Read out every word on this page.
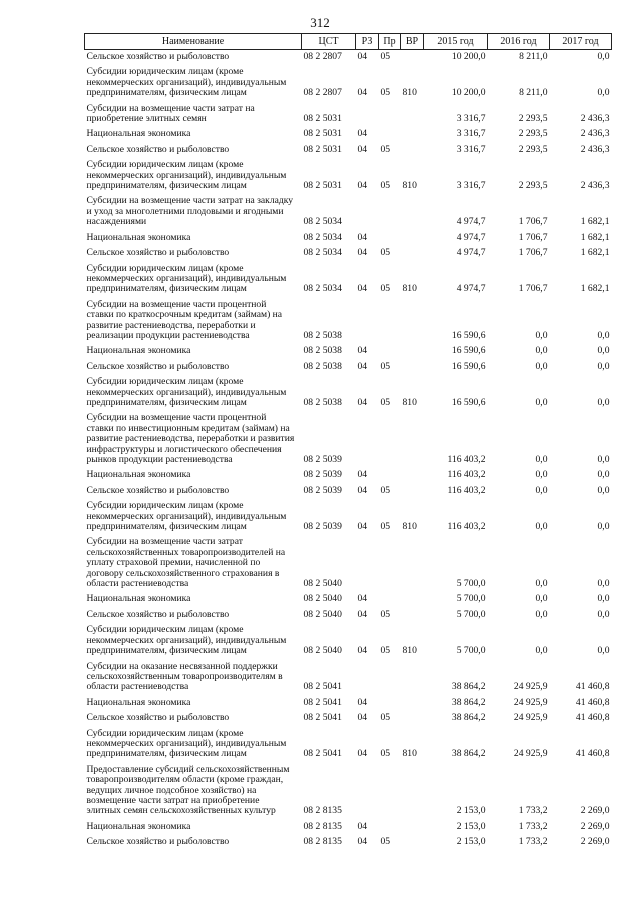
312
Наименование	ЦСТ	РЗ	Пр	ВР	2015 год	2016 год	2017 год
Сельское хозяйство и рыболовство	08 2 2807	04	05		10 200,0	8 211,0	0,0
Субсидии юридическим лицам (кроме некоммерческих организаций), индивидуальным предпринимателям, физическим лицам	08 2 2807	04	05	810	10 200,0	8 211,0	0,0
Субсидии на возмещение части затрат на приобретение элитных семян	08 2 5031				3 316,7	2 293,5	2 436,3
Национальная экономика	08 2 5031	04			3 316,7	2 293,5	2 436,3
Сельское хозяйство и рыболовство	08 2 5031	04	05		3 316,7	2 293,5	2 436,3
Субсидии юридическим лицам (кроме некоммерческих организаций), индивидуальным предпринимателям, физическим лицам	08 2 5031	04	05	810	3 316,7	2 293,5	2 436,3
Субсидии на возмещение части затрат на закладку и уход за многолетними плодовыми и ягодными насаждениями	08 2 5034				4 974,7	1 706,7	1 682,1
Национальная экономика	08 2 5034	04			4 974,7	1 706,7	1 682,1
Сельское хозяйство и рыболовство	08 2 5034	04	05		4 974,7	1 706,7	1 682,1
Субсидии юридическим лицам (кроме некоммерческих организаций), индивидуальным предпринимателям, физическим лицам	08 2 5034	04	05	810	4 974,7	1 706,7	1 682,1
Субсидии на возмещение части процентной ставки по краткосрочным кредитам (займам) на развитие растениеводства, переработки и реализации продукции растениеводства	08 2 5038				16 590,6	0,0	0,0
Национальная экономика	08 2 5038	04			16 590,6	0,0	0,0
Сельское хозяйство и рыболовство	08 2 5038	04	05		16 590,6	0,0	0,0
Субсидии юридическим лицам (кроме некоммерческих организаций), индивидуальным предпринимателям, физическим лицам	08 2 5038	04	05	810	16 590,6	0,0	0,0
Субсидии на возмещение части процентной ставки по инвестиционным кредитам (займам) на развитие растениеводства, переработки и развития инфраструктуры и логистического обеспечения рынков продукции растениеводства	08 2 5039				116 403,2	0,0	0,0
Национальная экономика	08 2 5039	04			116 403,2	0,0	0,0
Сельское хозяйство и рыболовство	08 2 5039	04	05		116 403,2	0,0	0,0
Субсидии юридическим лицам (кроме некоммерческих организаций), индивидуальным предпринимателям, физическим лицам	08 2 5039	04	05	810	116 403,2	0,0	0,0
Субсидии на возмещение части затрат сельскохозяйственных товаропроизводителей на уплату страховой премии, начисленной по договору сельскохозяйственного страхования в области растениеводства	08 2 5040				5 700,0	0,0	0,0
Национальная экономика	08 2 5040	04			5 700,0	0,0	0,0
Сельское хозяйство и рыболовство	08 2 5040	04	05		5 700,0	0,0	0,0
Субсидии юридическим лицам (кроме некоммерческих организаций), индивидуальным предпринимателям, физическим лицам	08 2 5040	04	05	810	5 700,0	0,0	0,0
Субсидии на оказание несвязанной поддержки сельскохозяйственным товаропроизводителям в области растениеводства	08 2 5041				38 864,2	24 925,9	41 460,8
Национальная экономика	08 2 5041	04			38 864,2	24 925,9	41 460,8
Сельское хозяйство и рыболовство	08 2 5041	04	05		38 864,2	24 925,9	41 460,8
Субсидии юридическим лицам (кроме некоммерческих организаций), индивидуальным предпринимателям, физическим лицам	08 2 5041	04	05	810	38 864,2	24 925,9	41 460,8
Предоставление субсидий сельскохозяйственным товаропроизводителям области (кроме граждан, ведущих личное подсобное хозяйство) на возмещение части затрат на приобретение элитных семян сельскохозяйственных культур	08 2 8135				2 153,0	1 733,2	2 269,0
Национальная экономика	08 2 8135	04			2 153,0	1 733,2	2 269,0
Сельское хозяйство и рыболовство	08 2 8135	04	05		2 153,0	1 733,2	2 269,0
